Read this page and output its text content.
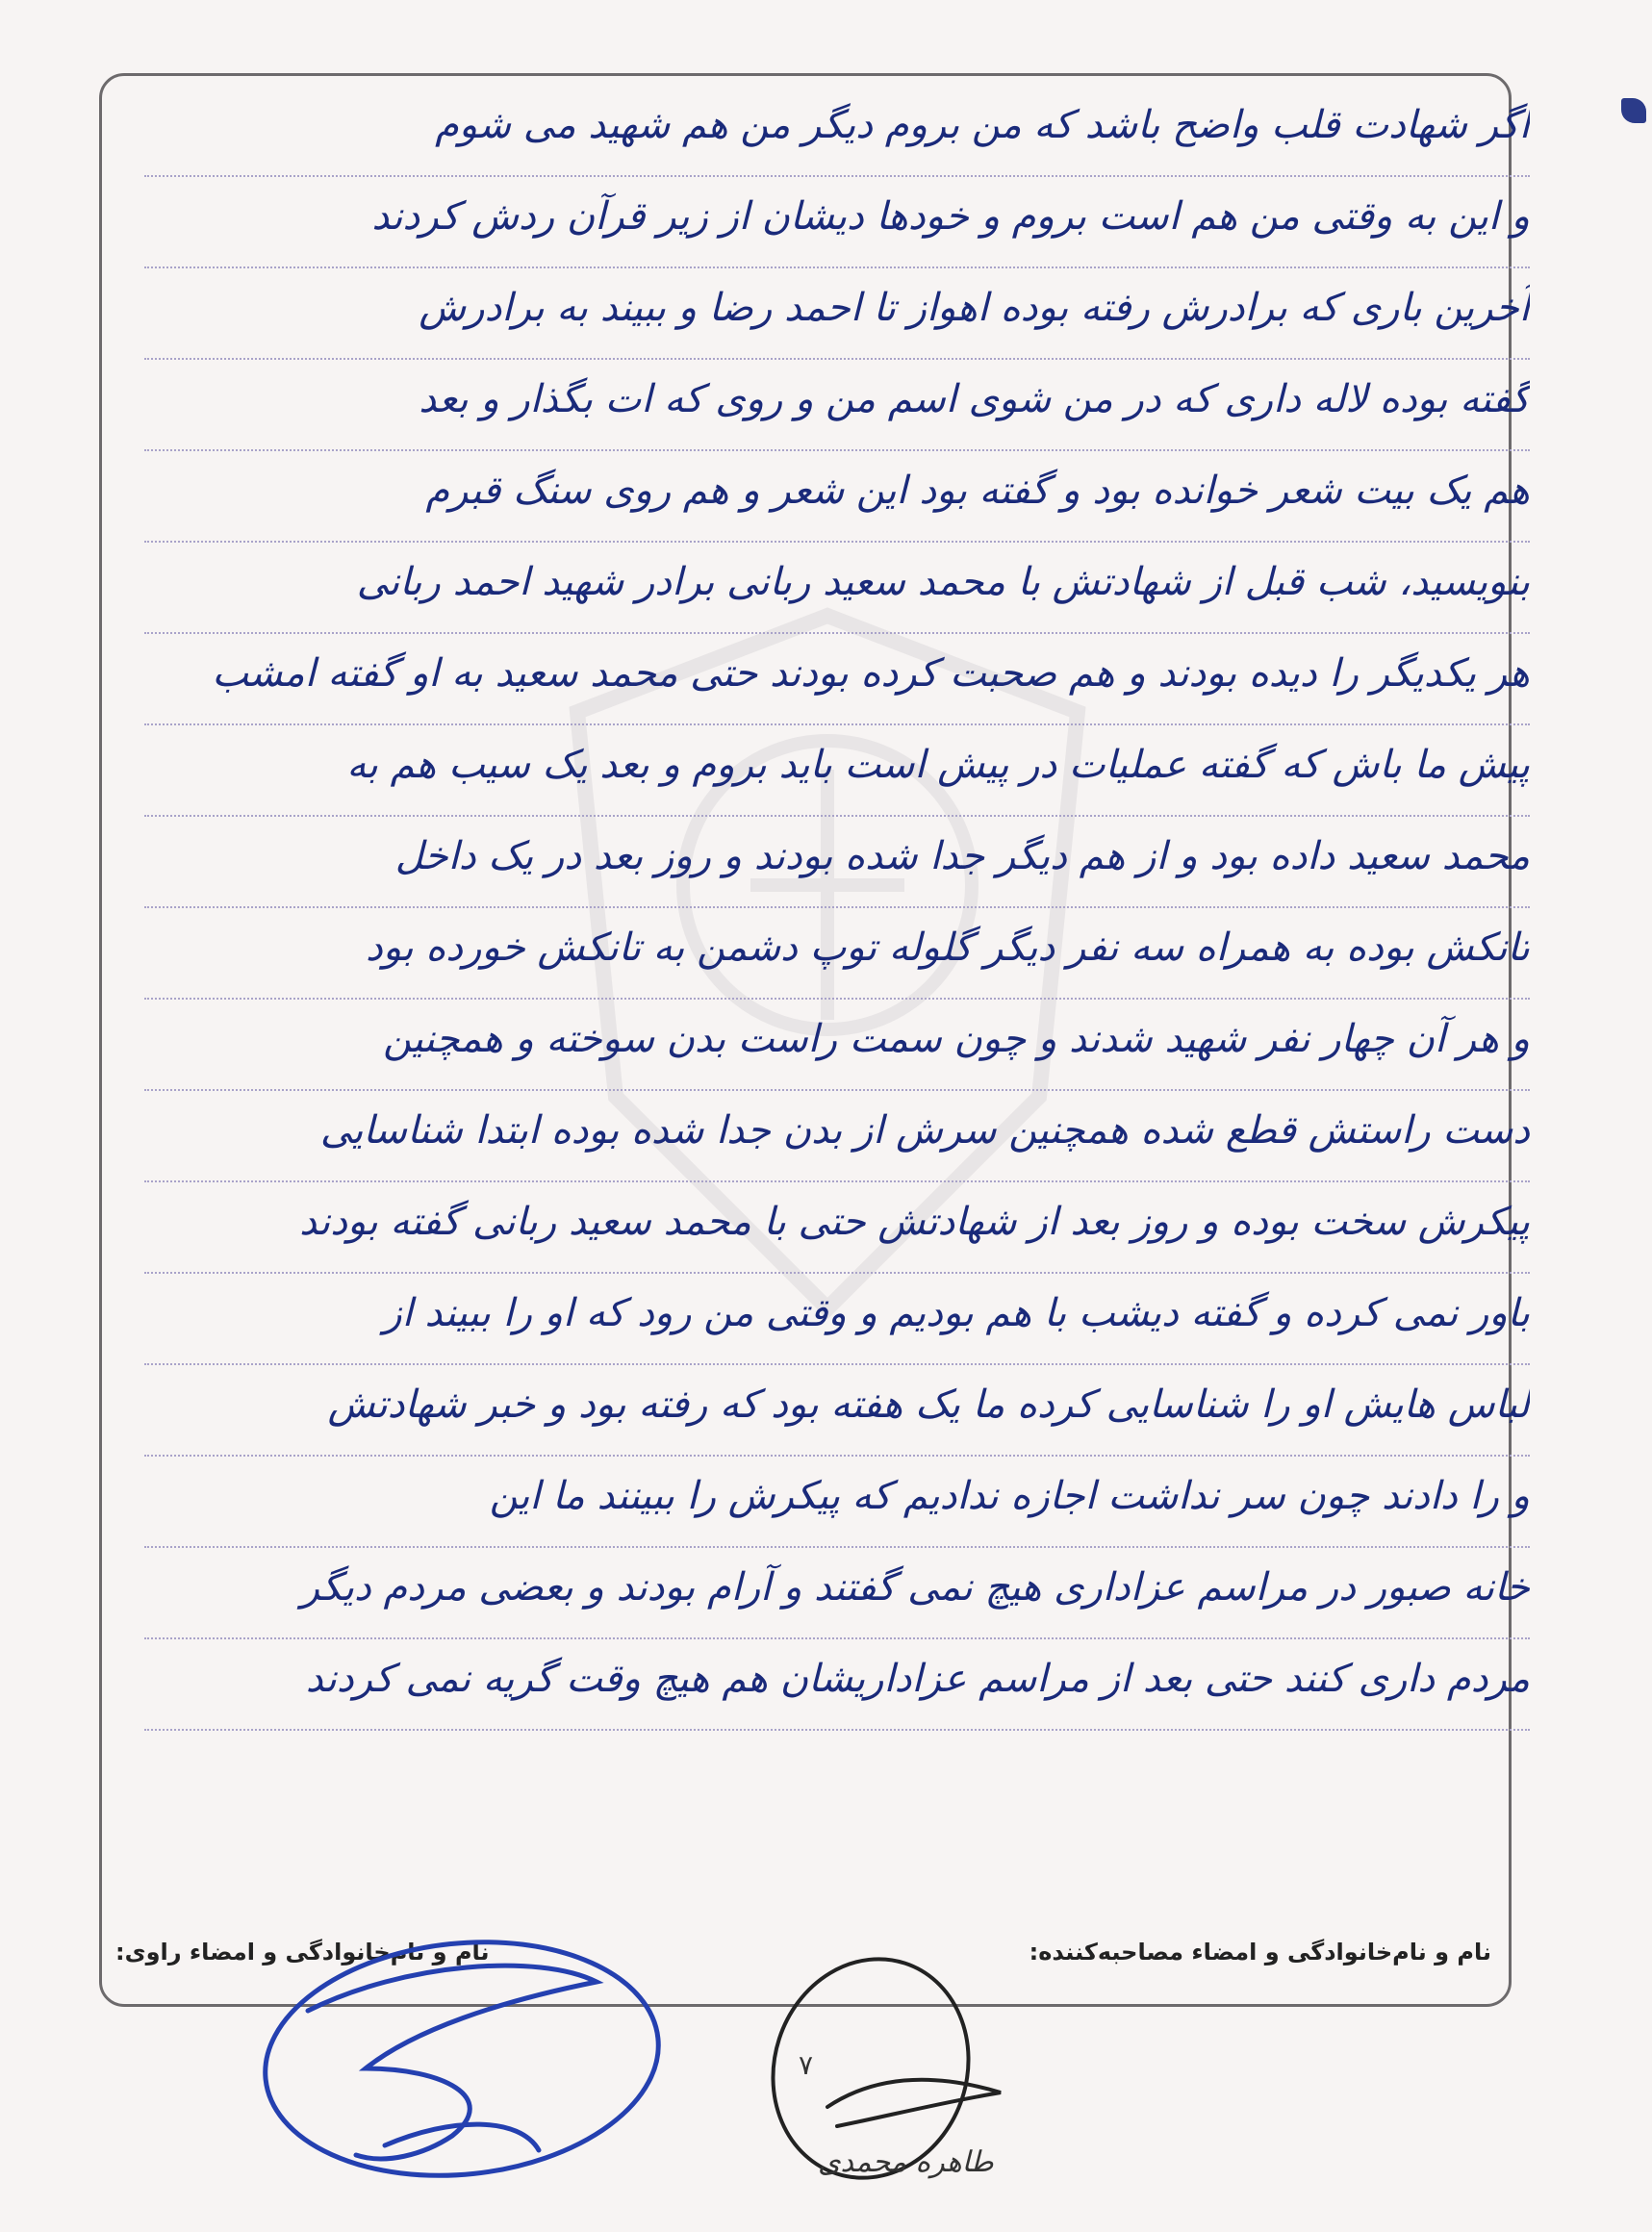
اگر شهادت قلب واضح باشد که من بروم دیگر من هم شهید می شوم
و این به وقتی من هم است بروم و خودها دیشان از زیر قرآن ردش کردند
آخرین باری که برادرش رفته بوده اهواز تا احمد رضا و ببیند به برادرش
گفته بوده لاله داری که در من شوی اسم من و روی که ات بگذار و بعد
هم یک بیت شعر خوانده بود و گفته بود این شعر و هم روی سنگ قبرم
بنویسید، شب قبل از شهادتش با محمد سعید ربانی برادر شهید احمد ربانی
هر یکدیگر را دیده بودند و هم صحبت کرده بودند حتی محمد سعید به او گفته امشب
پیش ما باش که گفته عملیات در پیش است باید بروم و بعد یک سیب هم به
محمد سعید داده بود و از هم دیگر جدا شده بودند و روز بعد در یک داخل
تانکش بوده به همراه سه نفر دیگر گلوله توپ دشمن به تانکش خورده بود
و هر آن چهار نفر شهید شدند و چون سمت راست بدن سوخته و همچنین
دست راستش قطع شده همچنین سرش از بدن جدا شده بوده ابتدا شناسایی
پیکرش سخت بوده و روز بعد از شهادتش حتی با محمد سعید ربانی گفته بودند
باور نمی کرده و گفته دیشب با هم بودیم و وقتی من رود که او را ببیند از
لباس هایش او را شناسایی کرده ما یک هفته بود که رفته بود و خبر شهادتش
و را دادند چون سر نداشت اجازه ندادیم که پیکرش را ببینند ما این
خانه صبور در مراسم عزاداری هیچ نمی گفتند و آرام بودند و بعضی مردم دیگر
مردم داری کنند حتی بعد از مراسم عزاداریشان هم هیچ وقت گریه نمی کردند
نام و نام‌خانوادگی و امضاء مصاحبه‌کننده:
نام و نام‌خانوادگی و امضاء راوی:
۷
طاهره محمدی
